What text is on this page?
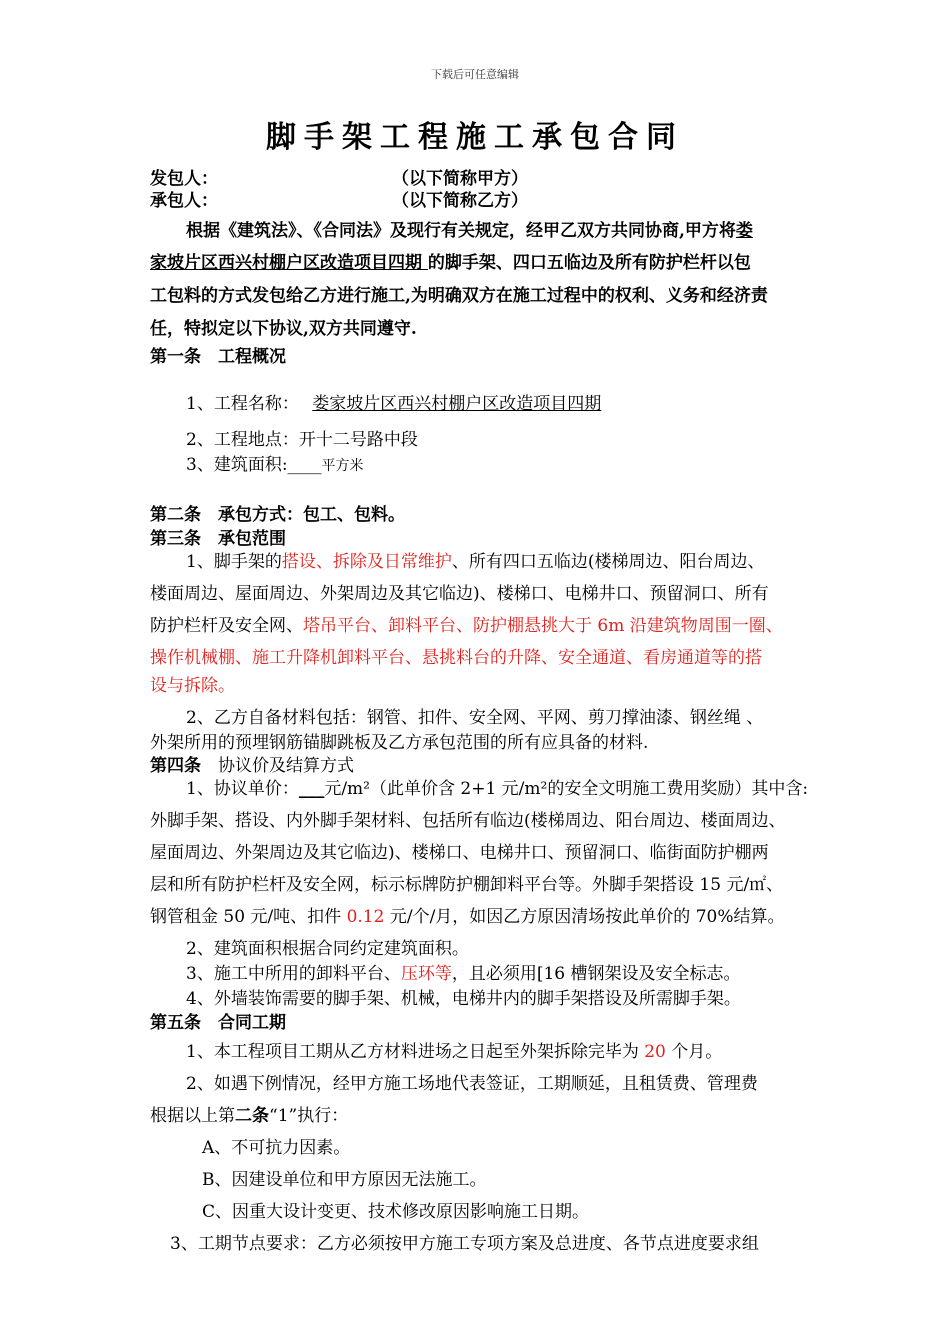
下载后可任意编辑
脚手架工程施工承包合同
发包人：	（以下简称甲方）
承包人：	（以下简称乙方）
根据《建筑法》、《合同法》及现行有关规定，经甲乙双方共同协商,甲方将娄
家坡片区西兴村棚户区改造项目四期 的脚手架、四口五临边及所有防护栏杆以包
工包料的方式发包给乙方进行施工,为明确双方在施工过程中的权利、义务和经济责
任，特拟定以下协议,双方共同遵守.
第一条　工程概况
1、工程名称： 娄家坡片区西兴村棚户区改造项目四期
2、工程地点：开十二号路中段
3、建筑面积:____平方米
第二条　承包方式：包工、包料。
第三条　承包范围
1、脚手架的搭设、拆除及日常维护、所有四口五临边(楼梯周边、阳台周边、
楼面周边、屋面周边、外架周边及其它临边)、楼梯口、电梯井口、预留洞口、所有
防护栏杆及安全网、塔吊平台、卸料平台、防护棚悬挑大于 6m 沿建筑物周围一圈、
操作机械棚、施工升降机卸料平台、悬挑料台的升降、安全通道、看房通道等的搭
设与拆除。
2、乙方自备材料包括：钢管、扣件、安全网、平网、剪刀撑油漆、钢丝绳 、
外架所用的预埋钢筋锚脚跳板及乙方承包范围的所有应具备的材料.
第四条　协议价及结算方式
1、协议单价：___元/m²（此单价含 2+1 元/m²的安全文明施工费用奖励）其中含:
外脚手架、搭设、内外脚手架材料、包括所有临边(楼梯周边、阳台周边、楼面周边、
屋面周边、外架周边及其它临边)、楼梯口、电梯井口、预留洞口、临街面防护棚两
层和所有防护栏杆及安全网，标示标牌防护棚卸料平台等。外脚手架搭设 15 元/㎡、
钢管租金 50 元/吨、扣件 0.12 元/个/月，如因乙方原因清场按此单价的 70%结算。
2、建筑面积根据合同约定建筑面积。
3、施工中所用的卸料平台、压环等，且必须用[16 槽钢架设及安全标志。
4、外墙装饰需要的脚手架、机械，电梯井内的脚手架搭设及所需脚手架。
第五条　合同工期
1、本工程项目工期从乙方材料进场之日起至外架拆除完毕为 20 个月。
2、如遇下例情况，经甲方施工场地代表签证，工期顺延，且租赁费、管理费
根据以上第二条“1”执行：
A、不可抗力因素。
B、因建设单位和甲方原因无法施工。
C、因重大设计变更、技术修改原因影响施工日期。
3、工期节点要求：乙方必须按甲方施工专项方案及总进度、各节点进度要求组
